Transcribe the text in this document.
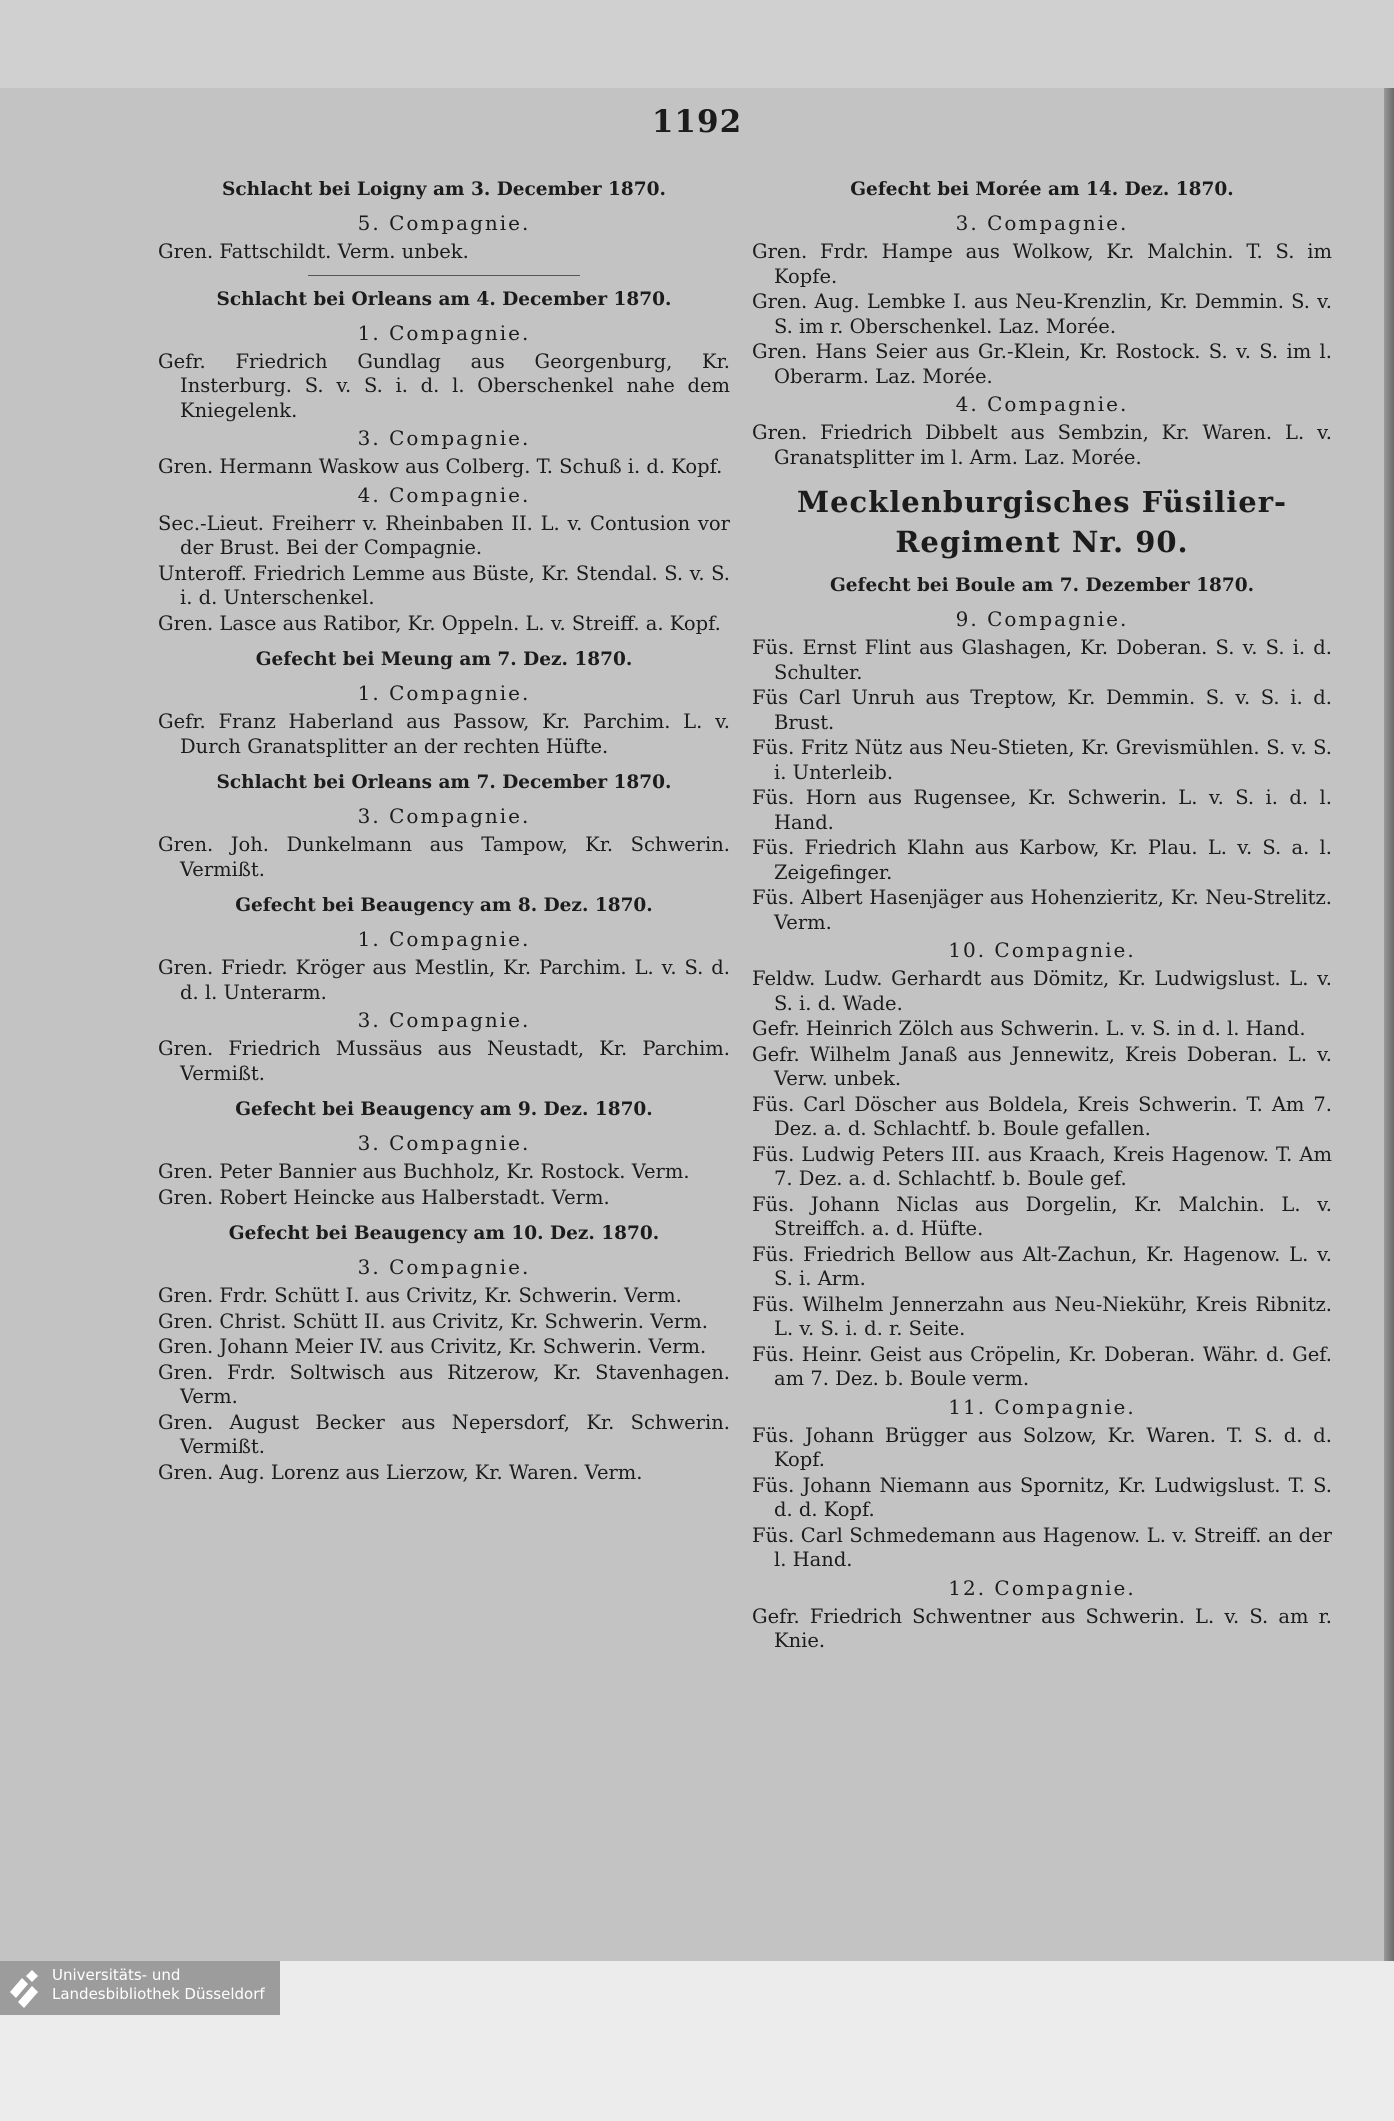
1192
Schlacht bei Loigny am 3. December 1870.
5. Compagnie.
Gren. Fattschildt. Verm. unbek.
Schlacht bei Orleans am 4. December 1870.
1. Compagnie.
Gefr. Friedrich Gundlag aus Georgenburg, Kr. Insterburg. S. v. S. i. d. l. Oberschenkel nahe dem Kniegelenk.
3. Compagnie.
Gren. Hermann Waskow aus Colberg. T. Schuß i. d. Kopf.
4. Compagnie.
Sec.-Lieut. Freiherr v. Rheinbaben II. L. v. Contusion vor der Brust. Bei der Compagnie.
Unteroff. Friedrich Lemme aus Büste, Kr. Stendal. S. v. S. i. d. Unterschenkel.
Gren. Lasce aus Ratibor, Kr. Oppeln. L. v. Streiff. a. Kopf.
Gefecht bei Meung am 7. Dez. 1870.
1. Compagnie.
Gefr. Franz Haberland aus Passow, Kr. Parchim. L. v. Durch Granatsplitter an der rechten Hüfte.
Schlacht bei Orleans am 7. December 1870.
3. Compagnie.
Gren. Joh. Dunkelmann aus Tampow, Kr. Schwerin. Vermißt.
Gefecht bei Beaugency am 8. Dez. 1870.
1. Compagnie.
Gren. Friedr. Kröger aus Mestlin, Kr. Parchim. L. v. S. d. d. l. Unterarm.
3. Compagnie.
Gren. Friedrich Mussäus aus Neustadt, Kr. Parchim. Vermißt.
Gefecht bei Beaugency am 9. Dez. 1870.
3. Compagnie.
Gren. Peter Bannier aus Buchholz, Kr. Rostock. Verm.
Gren. Robert Heincke aus Halberstadt. Verm.
Gefecht bei Beaugency am 10. Dez. 1870.
3. Compagnie.
Gren. Frdr. Schütt I. aus Crivitz, Kr. Schwerin. Verm.
Gren. Christ. Schütt II. aus Crivitz, Kr. Schwerin. Verm.
Gren. Johann Meier IV. aus Crivitz, Kr. Schwerin. Verm.
Gren. Frdr. Soltwisch aus Ritzerow, Kr. Stavenhagen. Verm.
Gren. August Becker aus Nepersdorf, Kr. Schwerin. Vermißt.
Gren. Aug. Lorenz aus Lierzow, Kr. Waren. Verm.
Gefecht bei Morée am 14. Dez. 1870.
3. Compagnie.
Gren. Frdr. Hampe aus Wolkow, Kr. Malchin. T. S. im Kopfe.
Gren. Aug. Lembke I. aus Neu-Krenzlin, Kr. Demmin. S. v. S. im r. Oberschenkel. Laz. Morée.
Gren. Hans Seier aus Gr.-Klein, Kr. Rostock. S. v. S. im l. Oberarm. Laz. Morée.
4. Compagnie.
Gren. Friedrich Dibbelt aus Sembzin, Kr. Waren. L. v. Granatsplitter im l. Arm. Laz. Morée.
Mecklenburgisches Füsilier-Regiment Nr. 90.
Gefecht bei Boule am 7. Dezember 1870.
9. Compagnie.
Füs. Ernst Flint aus Glashagen, Kr. Doberan. S. v. S. i. d. Schulter.
Füs Carl Unruh aus Treptow, Kr. Demmin. S. v. S. i. d. Brust.
Füs. Fritz Nütz aus Neu-Stieten, Kr. Grevismühlen. S. v. S. i. Unterleib.
Füs. Horn aus Rugensee, Kr. Schwerin. L. v. S. i. d. l. Hand.
Füs. Friedrich Klahn aus Karbow, Kr. Plau. L. v. S. a. l. Zeigefinger.
Füs. Albert Hasenjäger aus Hohenzieritz, Kr. Neu-Strelitz. Verm.
10. Compagnie.
Feldw. Ludw. Gerhardt aus Dömitz, Kr. Ludwigslust. L. v. S. i. d. Wade.
Gefr. Heinrich Zölch aus Schwerin. L. v. S. in d. l. Hand.
Gefr. Wilhelm Janaß aus Jennewitz, Kreis Doberan. L. v. Verw. unbek.
Füs. Carl Döscher aus Boldela, Kreis Schwerin. T. Am 7. Dez. a. d. Schlachtf. b. Boule gefallen.
Füs. Ludwig Peters III. aus Kraach, Kreis Hagenow. T. Am 7. Dez. a. d. Schlachtf. b. Boule gef.
Füs. Johann Niclas aus Dorgelin, Kr. Malchin. L. v. Streiffch. a. d. Hüfte.
Füs. Friedrich Bellow aus Alt-Zachun, Kr. Hagenow. L. v. S. i. Arm.
Füs. Wilhelm Jennerzahn aus Neu-Niekühr, Kreis Ribnitz. L. v. S. i. d. r. Seite.
Füs. Heinr. Geist aus Cröpelin, Kr. Doberan. Währ. d. Gef. am 7. Dez. b. Boule verm.
11. Compagnie.
Füs. Johann Brügger aus Solzow, Kr. Waren. T. S. d. d. Kopf.
Füs. Johann Niemann aus Spornitz, Kr. Ludwigslust. T. S. d. d. Kopf.
Füs. Carl Schmedemann aus Hagenow. L. v. Streiff. an der l. Hand.
12. Compagnie.
Gefr. Friedrich Schwentner aus Schwerin. L. v. S. am r. Knie.
Universitäts- und
Landesbibliothek Düsseldorf
